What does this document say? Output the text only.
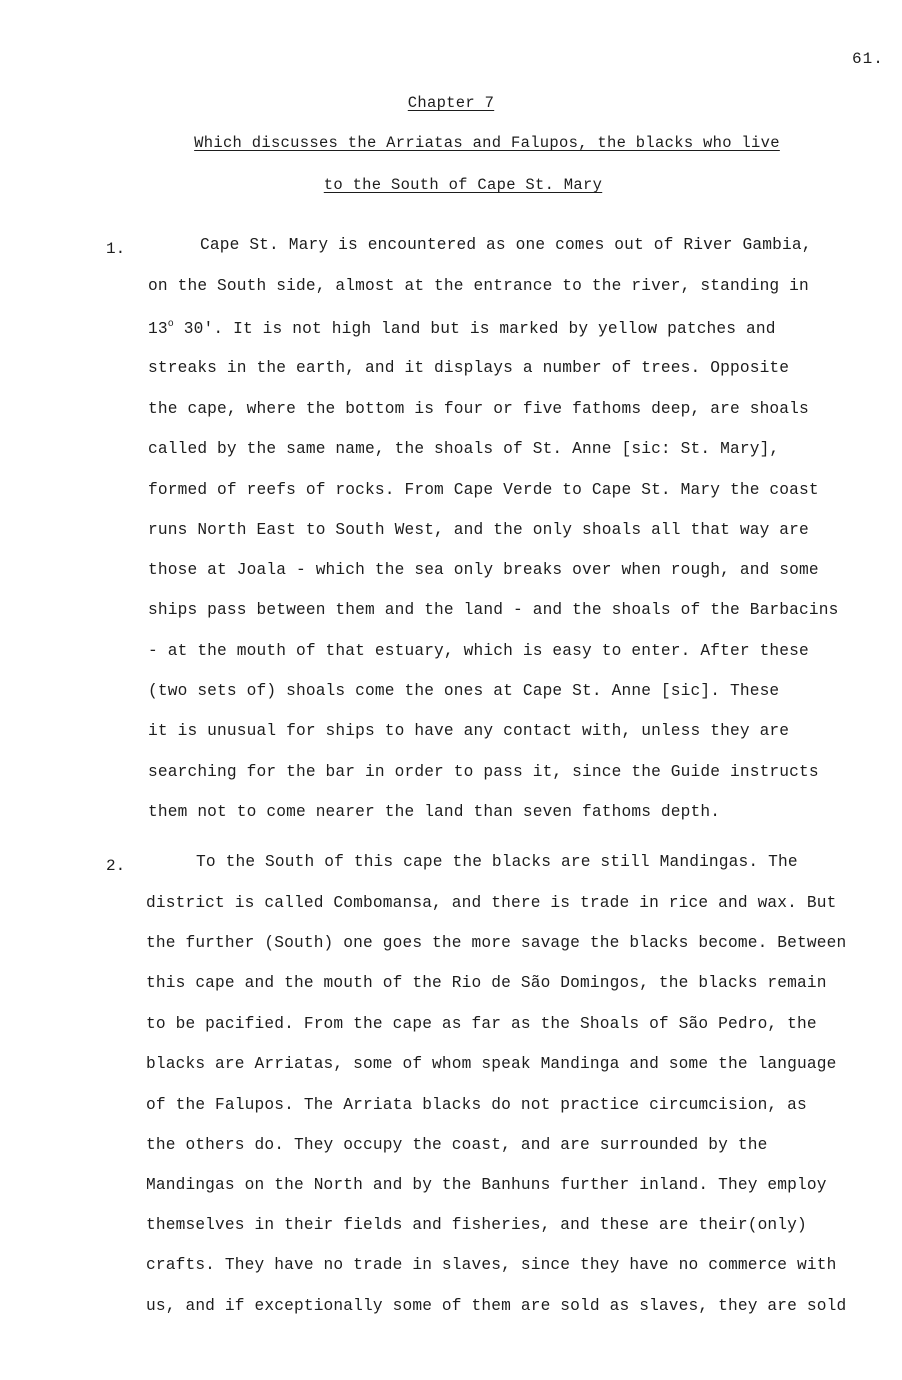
61.
Chapter 7
Which discusses the Arriatas and Falupos, the blacks who live
to the South of Cape St. Mary
1.	Cape St. Mary is encountered as one comes out of River Gambia,
on the South side, almost at the entrance to the river, standing in
13$^o$ 30'. It is not high land but is marked by yellow patches and
streaks in the earth, and it displays a number of trees. Opposite
the cape, where the bottom is four or five fathoms deep, are shoals
called by the same name, the shoals of St. Anne [sic: St. Mary],
formed of reefs of rocks. From Cape Verde to Cape St. Mary the coast
runs North East to South West, and the only shoals all that way are
those at Joala - which the sea only breaks over when rough, and some
ships pass between them and the land - and the shoals of the Barbacins
- at the mouth of that estuary, which is easy to enter. After these
(two sets of) shoals come the ones at Cape St. Anne [sic]. These
it is unusual for ships to have any contact with, unless they are
searching for the bar in order to pass it, since the Guide instructs
them not to come nearer the land than seven fathoms depth.
2.	To the South of this cape the blacks are still Mandingas. The
district is called Combomansa, and there is trade in rice and wax. But
the further (South) one goes the more savage the blacks become. Between
this cape and the mouth of the Rio de São Domingos, the blacks remain
to be pacified. From the cape as far as the Shoals of São Pedro, the
blacks are Arriatas, some of whom speak Mandinga and some the language
of the Falupos. The Arriata blacks do not practice circumcision, as
the others do. They occupy the coast, and are surrounded by the
Mandingas on the North and by the Banhuns further inland. They employ
themselves in their fields and fisheries, and these are their(only)
crafts. They have no trade in slaves, since they have no commerce with
us, and if exceptionally some of them are sold as slaves, they are sold
